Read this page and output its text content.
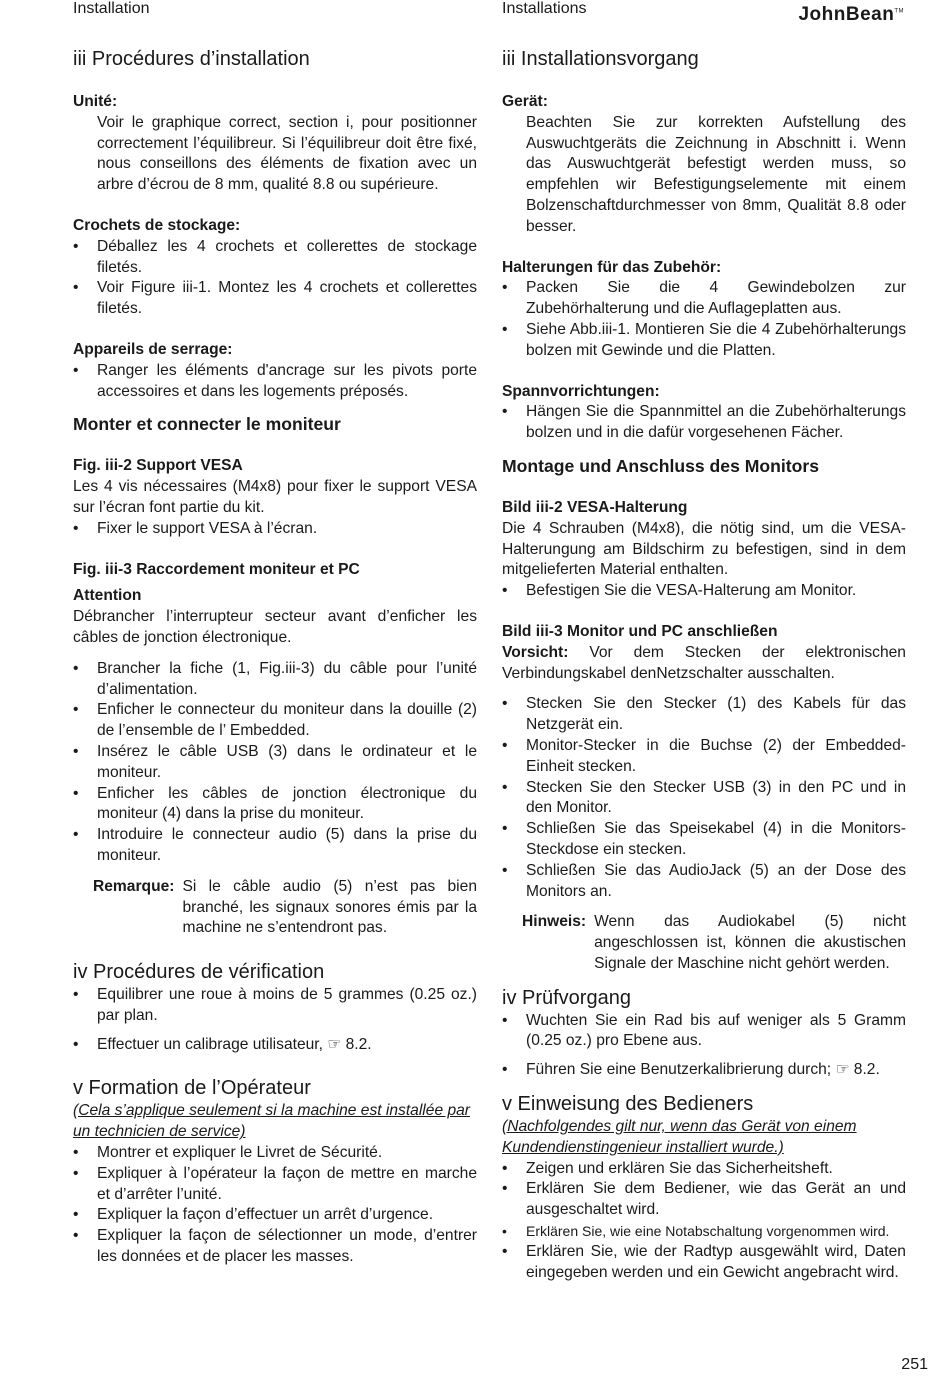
Installation	Installations	JohnBean™
iii Procédures d’installation

Unité:

Voir le graphique correct, section i, pour positionner correctement l’équilibreur. Si l’équilibreur doit être fixé, nous conseillons des éléments de fixation avec un arbre d’écrou de 8 mm, qualité 8.8 ou supérieure.

Crochets de stockage:

• Déballez les 4 crochets et collerettes de stockage filetés.
• Voir Figure iii-1. Montez les 4 crochets et collerettes filetés.

Appareils de serrage:

• Ranger les éléments d'ancrage sur les pivots porte accessoires et dans les logements préposés.
Monter et connecter le moniteur

Fig. iii-2 Support VESA

Les 4 vis nécessaires (M4x8) pour fixer le support VESA sur l’écran font partie du kit.

• Fixer le support VESA à l’écran.

Fig. iii-3 Raccordement moniteur et PC

Attention

Débrancher l’interrupteur secteur avant d’enficher les câbles de jonction électronique.

• Brancher la fiche (1, Fig.iii-3) du câble pour l’unité d’alimentation.
• Enficher le connecteur du moniteur dans la douille (2) de l’ensemble de l’ Embedded.
• Insérez le câble USB (3) dans le ordinateur et le moniteur.
• Enficher les câbles de jonction électronique du moniteur (4) dans la prise du moniteur.
• Introduire le connecteur audio (5) dans la prise du moniteur.
Remarque: Si le câble audio (5) n’est pas bien branché, les signaux sonores émis par la machine ne s’entendront pas.
iv Procédures de vérification
• Equilibrer une roue à moins de 5 grammes (0.25 oz.) par plan.
• Effectuer un calibrage utilisateur, ☞ 8.2.
v Formation de l’Opérateur

(Cela s’applique seulement si la machine est installée par un technicien de service)

• Montrer et expliquer le Livret de Sécurité.
• Expliquer à l’opérateur la façon de mettre en marche et d’arrêter l’unité.
• Expliquer la façon d’effectuer un arrêt d’urgence.
• Expliquer la façon de sélectionner un mode, d’entrer les données et de placer les masses.
iii Installationsvorgang

Gerät:

Beachten Sie zur korrekten Aufstellung des Auswuchtgeräts die Zeichnung in Abschnitt i. Wenn das Auswuchtgerät befestigt werden muss, so empfehlen wir Befestigungselemente mit einem Bolzenschaftdurchmesser von 8mm, Qualität 8.8 oder besser.

Halterungen für das Zubehör:

• Packen Sie die 4 Gewindebolzen zur Zubehörhalterung und die Auflageplatten aus.
• Siehe Abb.iii-1. Montieren Sie die 4 Zubehörhalterungs bolzen mit Gewinde und die Platten.

Spannvorrichtungen:

• Hängen Sie die Spannmittel an die Zubehörhalterungs bolzen und in die dafür vorgesehenen Fächer.
Montage und Anschluss des Monitors

Bild iii-2 VESA-Halterung

Die 4 Schrauben (M4x8), die nötig sind, um die VESA-Halterungung am Bildschirm zu befestigen, sind in dem mitgelieferten Material enthalten.

• Befestigen Sie die VESA-Halterung am Monitor.

Bild iii-3 Monitor und PC anschließen

Vorsicht: Vor dem Stecken der elektronischen Verbindungskabel denNetzschalter ausschalten.

• Stecken Sie den Stecker (1) des Kabels für das Netzgerät ein.
• Monitor-Stecker in die Buchse (2) der Embedded-Einheit stecken.
• Stecken Sie den Stecker USB (3) in den PC und in den Monitor.
• Schließen Sie das Speisekabel (4) in die Monitors-Steckdose ein stecken.
• Schließen Sie das AudioJack (5) an der Dose des Monitors an.
Hinweis: Wenn das Audiokabel (5) nicht angeschlossen ist, können die akustischen Signale der Maschine nicht gehört werden.
iv Prüfvorgang
• Wuchten Sie ein Rad bis auf weniger als 5 Gramm (0.25 oz.) pro Ebene aus.
• Führen Sie eine Benutzerkalibrierung durch; ☞ 8.2.
v Einweisung des Bedieners

(Nachfolgendes gilt nur, wenn das Gerät von einem Kundendienstingenieur installiert wurde.)

• Zeigen und erklären Sie das Sicherheitsheft.
• Erklären Sie dem Bediener, wie das Gerät an und ausgeschaltet wird.
• Erklären Sie, wie eine Notabschaltung vorgenommen wird.
• Erklären Sie, wie der Radtyp ausgewählt wird, Daten eingegeben werden und ein Gewicht angebracht wird.
251
